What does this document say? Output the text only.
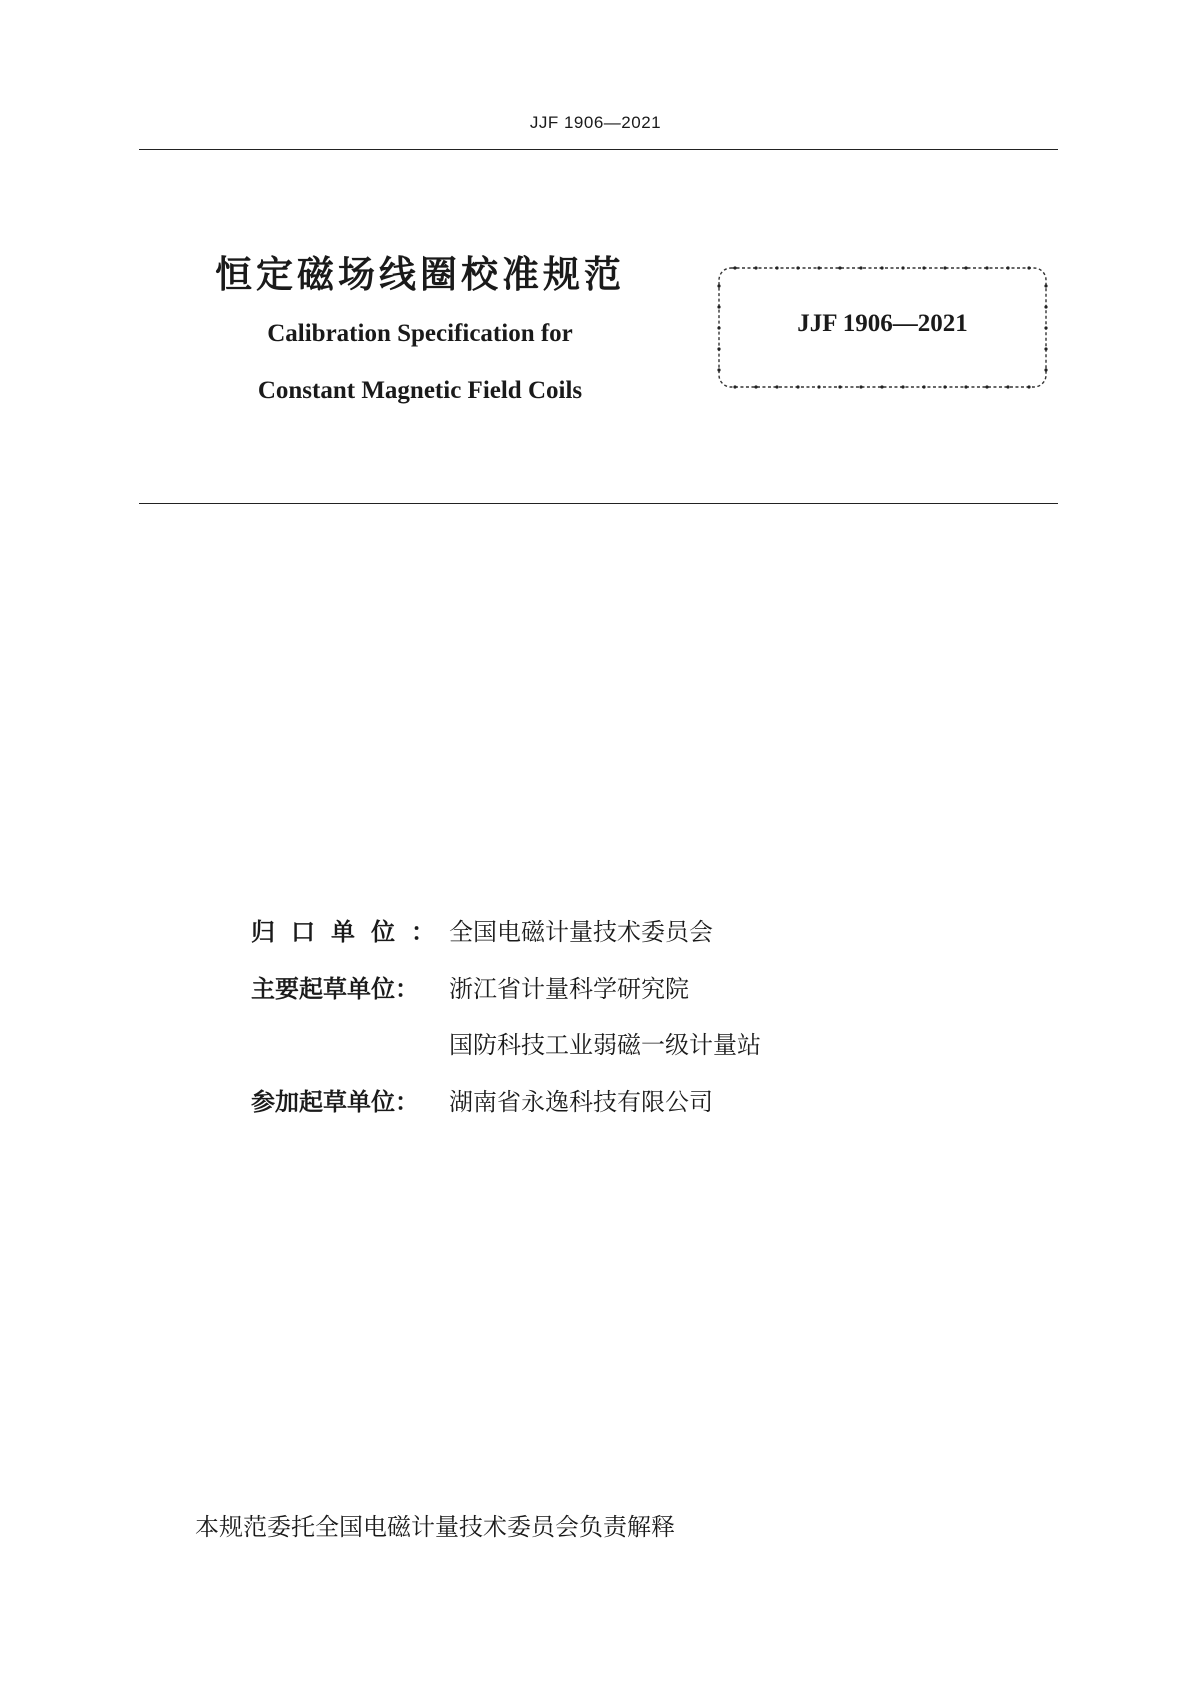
JJF 1906—2021
恒定磁场线圈校准规范
Calibration Specification for
Constant Magnetic Field Coils
JJF 1906—2021
归口单位：全国电磁计量技术委员会
主要起草单位： 浙江省计量科学研究院
国防科技工业弱磁一级计量站
参加起草单位： 湖南省永逸科技有限公司
本规范委托全国电磁计量技术委员会负责解释
